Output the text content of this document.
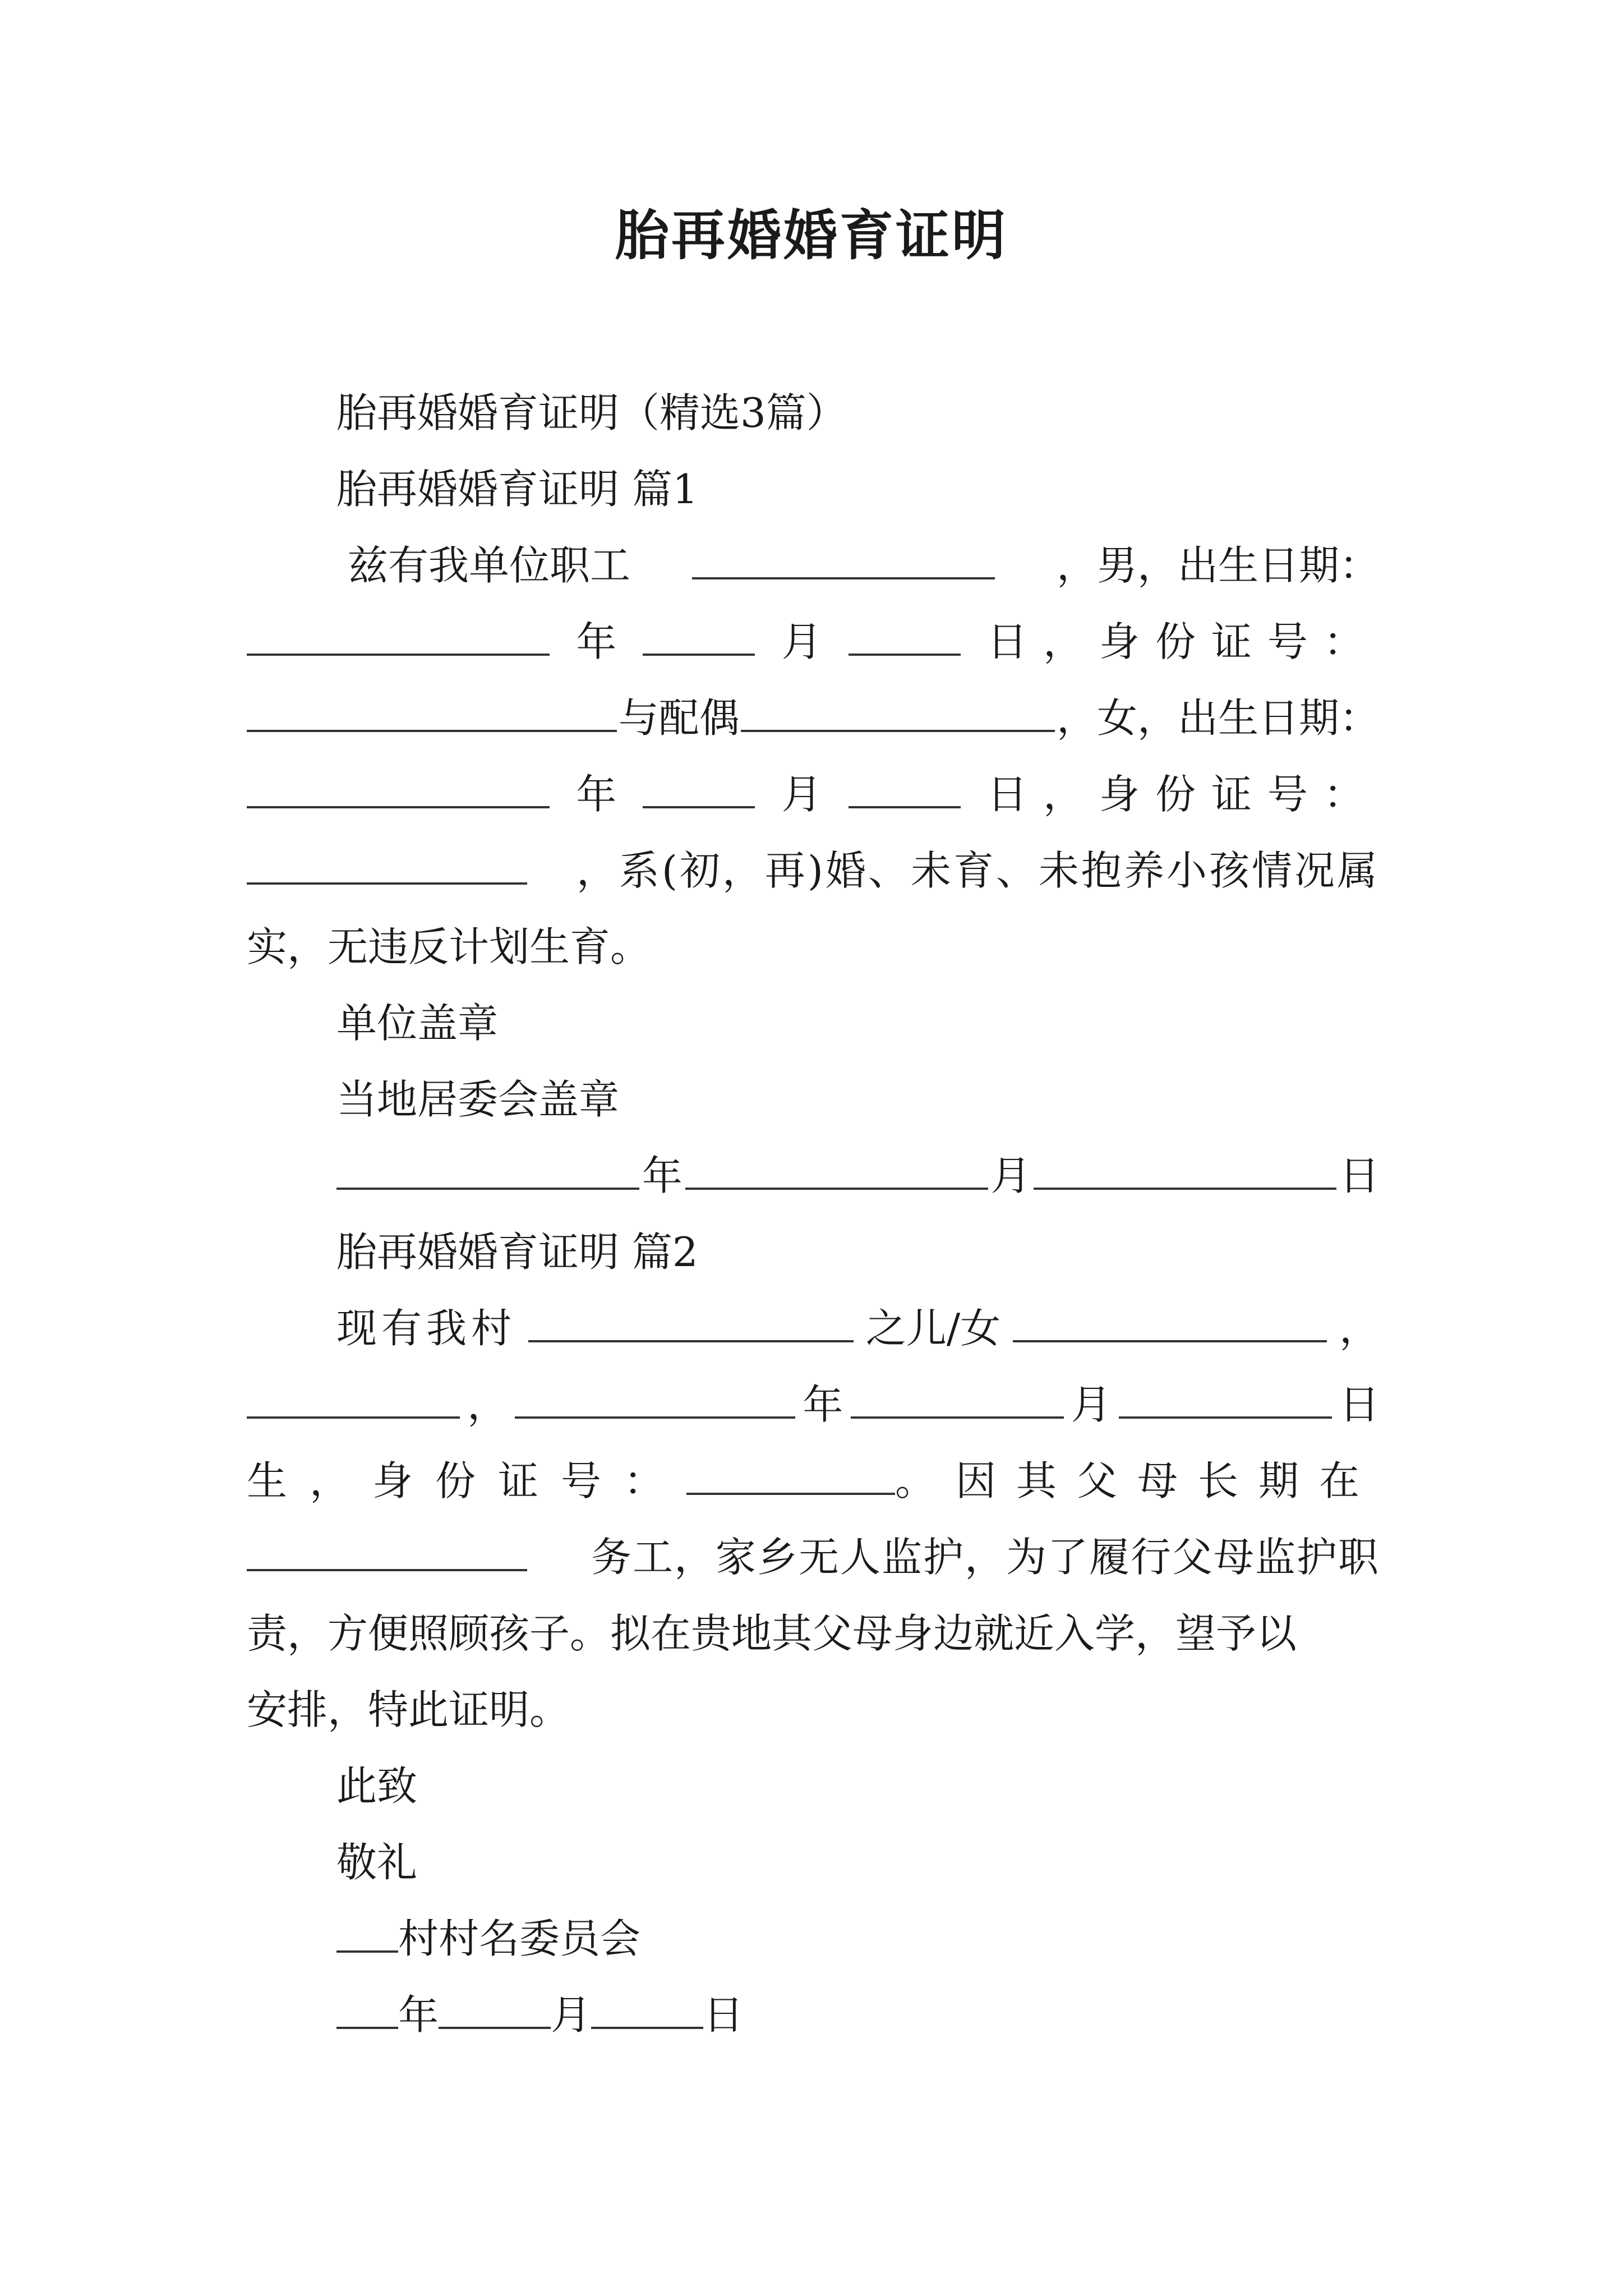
胎再婚婚育证明
胎再婚婚育证明（精选3篇）
胎再婚婚育证明 篇1
兹有我单位职工	，男，出生日期：
年	月	日，身份证号：
与配偶	，女，出生日期：
年	月	日，身份证号：
，系(初，再)婚、未育、未抱养小孩情况属
实，无违反计划生育。
单位盖章
当地居委会盖章
年	月	日
胎再婚婚育证明 篇2
现有我村	之儿/女	，
，	年	月	日
生，身份证号：	。因其父母长期在
务工，家乡无人监护，为了履行父母监护职
责，方便照顾孩子。拟在贵地其父母身边就近入学，望予以
安排，特此证明。
此致
敬礼
村村名委员会
年	月	日
